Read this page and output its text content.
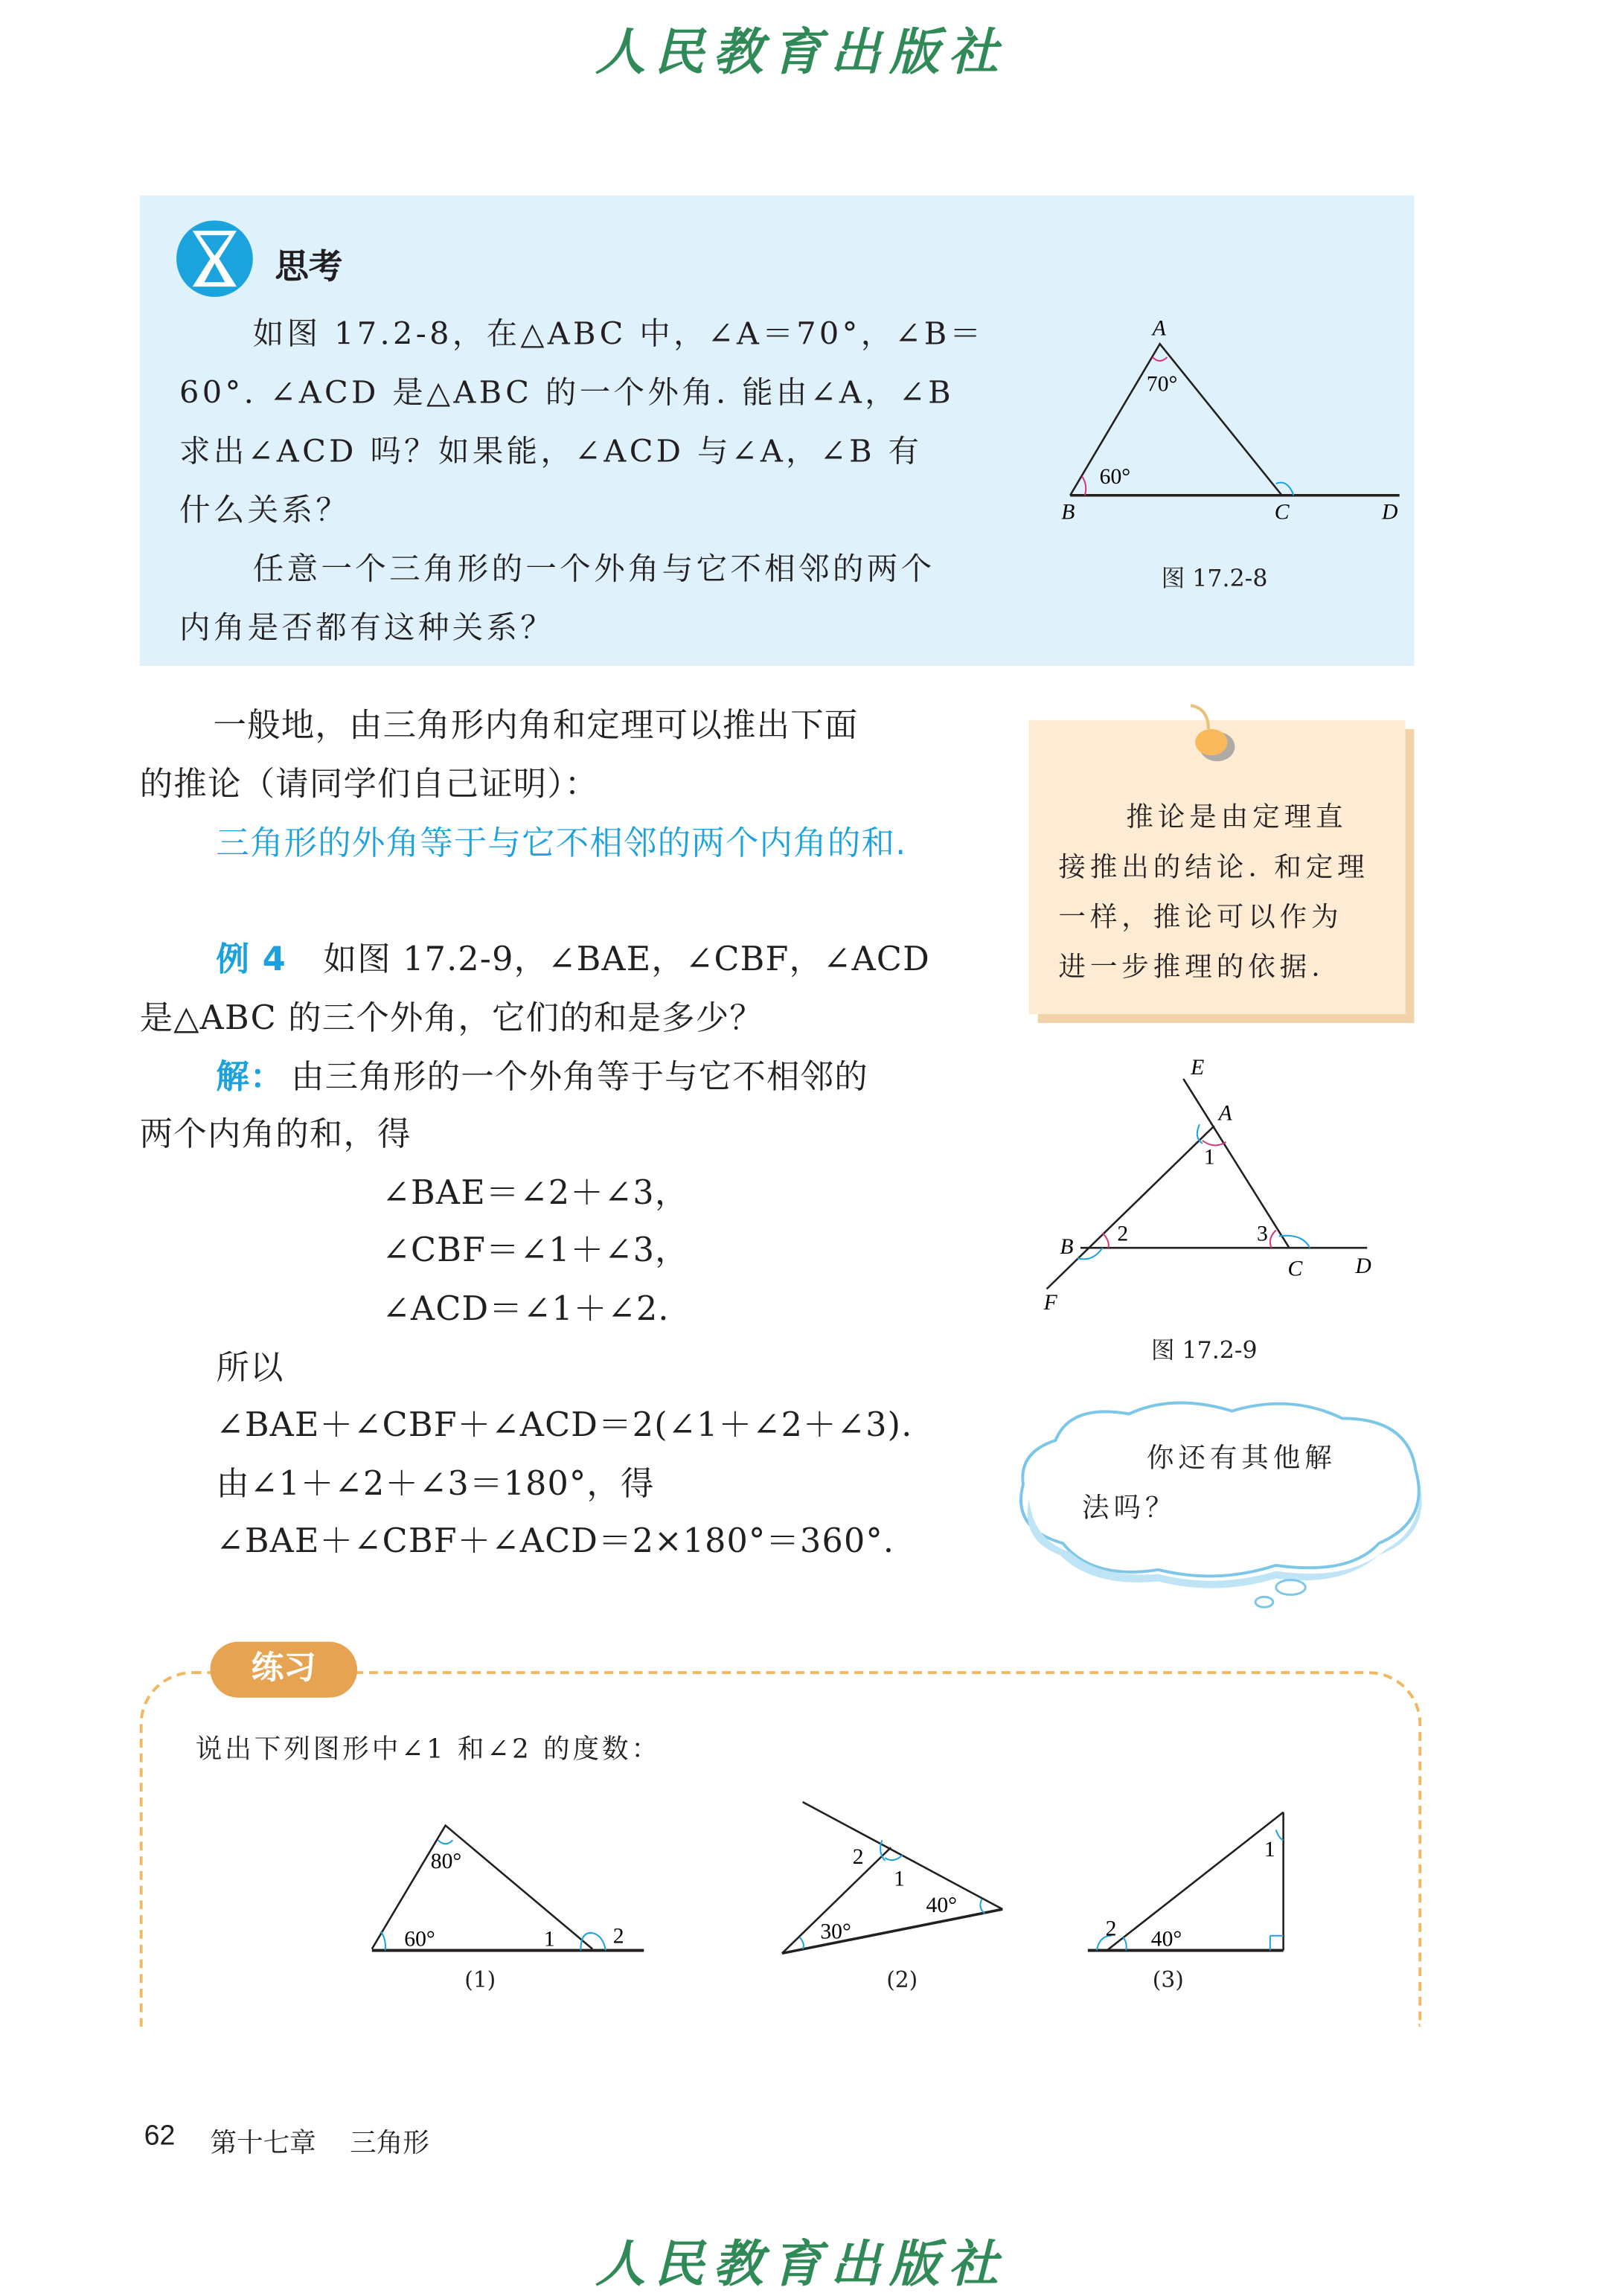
人民教育出版社
思考
如图 17.2-8，在△ABC 中，∠A＝70°，∠B＝
60°. ∠ACD 是△ABC 的一个外角. 能由∠A，∠B
求出∠ACD 吗？如果能，∠ACD 与∠A，∠B 有
什么关系？
任意一个三角形的一个外角与它不相邻的两个
内角是否都有这种关系？
A
70°
60°
B	C	D
图 17.2-8
一般地，由三角形内角和定理可以推出下面
的推论（请同学们自己证明）：
三角形的外角等于与它不相邻的两个内角的和.
例 4 如图 17.2-9，∠BAE，∠CBF，∠ACD
是△ABC 的三个外角，它们的和是多少？
解： 由三角形的一个外角等于与它不相邻的
两个内角的和，得
∠BAE＝∠2＋∠3，
∠CBF＝∠1＋∠3，
∠ACD＝∠1＋∠2.
所以
∠BAE＋∠CBF＋∠ACD＝2(∠1＋∠2＋∠3).
由∠1＋∠2＋∠3＝180°，得
∠BAE＋∠CBF＋∠ACD＝2×180°＝360°.
推论是由定理直
接推出的结论. 和定理
一样，推论可以作为
进一步推理的依据.
E
A
1
B
2	3
C	D
F
图 17.2-9
你还有其他解
法吗？
练习
说出下列图形中∠1 和∠2 的度数：
80°
60°	1	2
2
1
40°
30°
1
2	40°
(1)	(2)	(3)
62	第十七章	三角形
人民教育出版社
